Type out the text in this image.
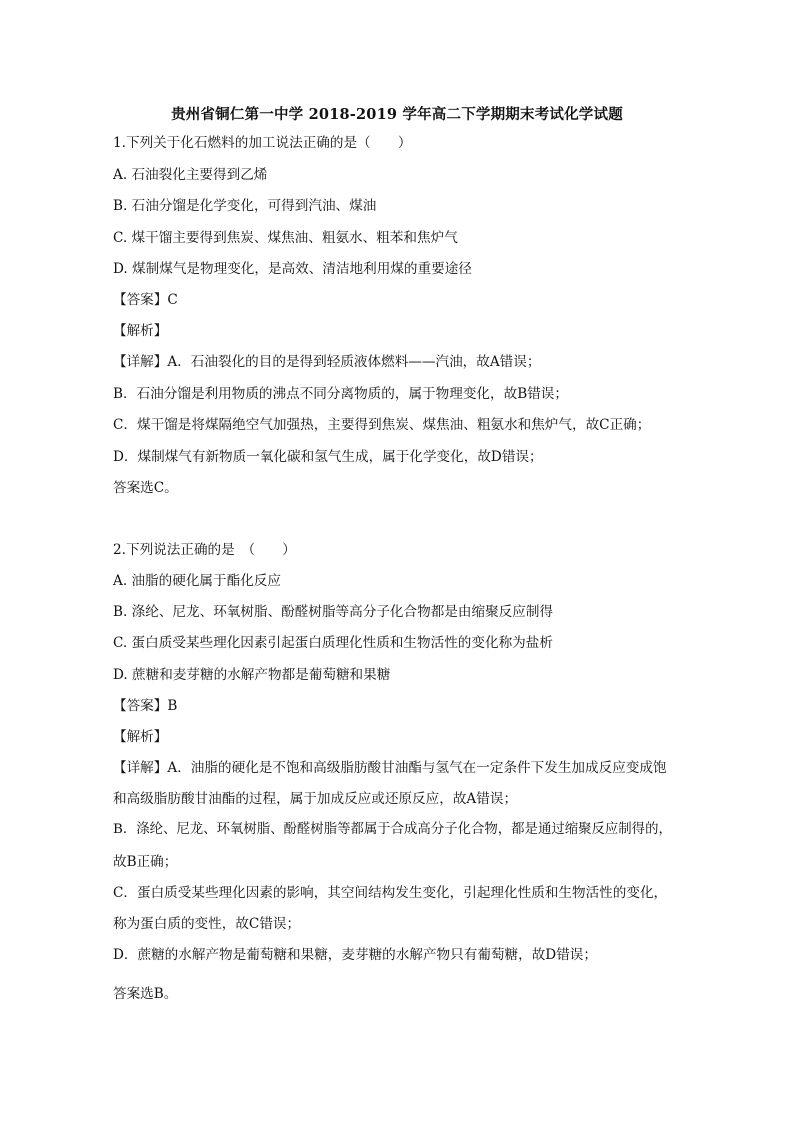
贵州省铜仁第一中学 2018-2019 学年高二下学期期末考试化学试题
1.下列关于化石燃料的加工说法正确的是（　　）
A. 石油裂化主要得到乙烯
B. 石油分馏是化学变化，可得到汽油、煤油
C. 煤干馏主要得到焦炭、煤焦油、粗氨水、粗苯和焦炉气
D. 煤制煤气是物理变化，是高效、清洁地利用煤的重要途径
【答案】C
【解析】
【详解】A．石油裂化的目的是得到轻质液体燃料——汽油，故A错误；
B．石油分馏是利用物质的沸点不同分离物质的，属于物理变化，故B错误；
C．煤干馏是将煤隔绝空气加强热，主要得到焦炭、煤焦油、粗氨水和焦炉气，故C正确；
D．煤制煤气有新物质一氧化碳和氢气生成，属于化学变化，故D错误；
答案选C。
2.下列说法正确的是　（　　）
A. 油脂的硬化属于酯化反应
B. 涤纶、尼龙、环氧树脂、酚醛树脂等高分子化合物都是由缩聚反应制得
C. 蛋白质受某些理化因素引起蛋白质理化性质和生物活性的变化称为盐析
D. 蔗糖和麦芽糖的水解产物都是葡萄糖和果糖
【答案】B
【解析】
【详解】A．油脂的硬化是不饱和高级脂肪酸甘油酯与氢气在一定条件下发生加成反应变成饱
和高级脂肪酸甘油酯的过程，属于加成反应或还原反应，故A错误；
B．涤纶、尼龙、环氧树脂、酚醛树脂等都属于合成高分子化合物，都是通过缩聚反应制得的，
故B正确；
C．蛋白质受某些理化因素的影响，其空间结构发生变化，引起理化性质和生物活性的变化，
称为蛋白质的变性，故C错误；
D．蔗糖的水解产物是葡萄糖和果糖，麦芽糖的水解产物只有葡萄糖，故D错误；
答案选B。
